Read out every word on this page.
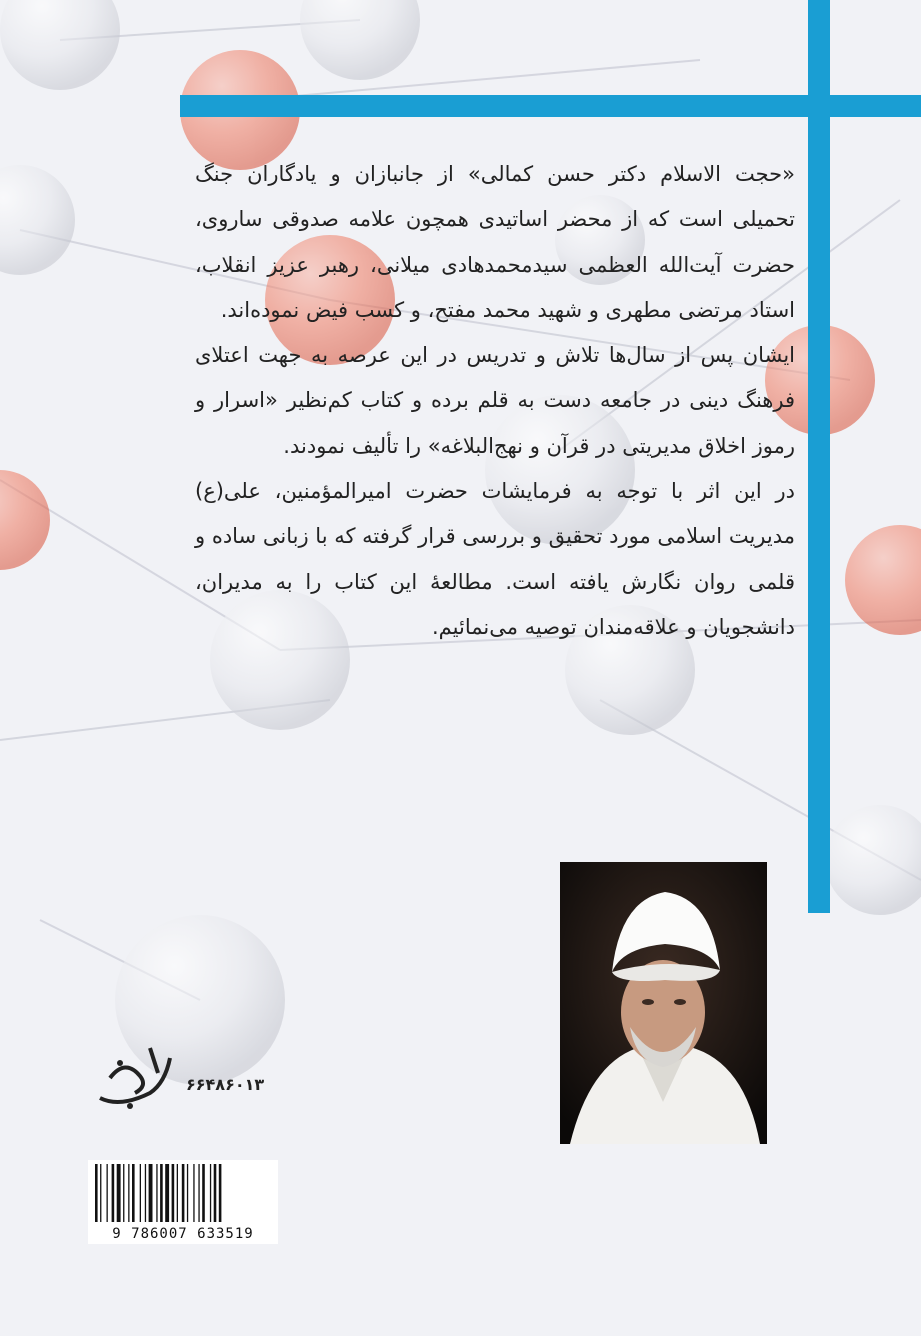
«حجت الاسلام دکتر حسن کمالی» از جانبازان و یادگاران جنگ تحمیلی است که از محضر اساتیدی همچون علامه صدوقی ساروی، حضرت آیت‌الله العظمی سیدمحمدهادی میلانی، رهبر عزیز انقلاب، استاد مرتضی مطهری و شهید محمد مفتح، و کسب فیض نموده‌اند.

ایشان پس از سال‌ها تلاش و تدریس در این عرصه به جهت اعتلای فرهنگ دینی در جامعه دست به قلم برده و کتاب کم‌نظیر «اسرار و رموز اخلاق مدیریتی در قرآن و نهج‌البلاغه» را تألیف نمودند.

در این اثر با توجه به فرمایشات حضرت امیرالمؤمنین، علی(ع) مدیریت اسلامی مورد تحقیق و بررسی قرار گرفته که با زبانی ساده و قلمی روان نگارش یافته است. مطالعهٔ این کتاب را به مدیران، دانشجویان و علاقه‌مندان توصیه می‌نمائیم.

۶۶۴۸۶۰۱۳
9 786007 633519
